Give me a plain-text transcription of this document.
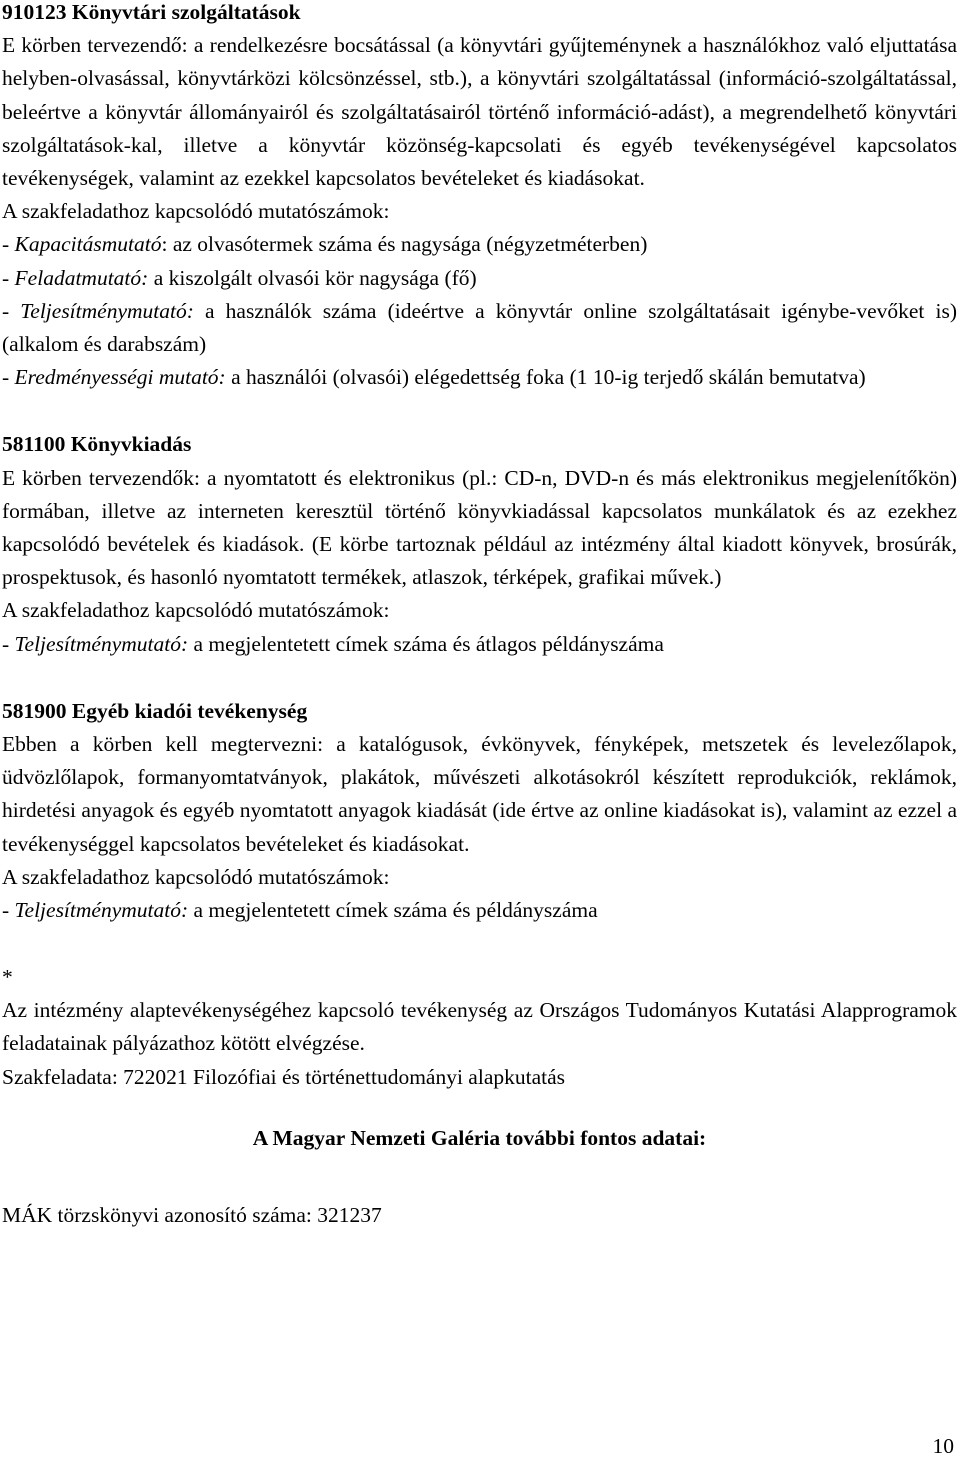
910123 Könyvtári szolgáltatások

E körben tervezendő: a rendelkezésre bocsátással (a könyvtári gyűjteménynek a használókhoz való eljuttatása helyben-olvasással, könyvtárközi kölcsönzéssel, stb.), a könyvtári szolgáltatással (információ-szolgáltatással, beleértve a könyvtár állományairól és szolgáltatásairól történő információ-adást), a megrendelhető könyvtári szolgáltatások-kal, illetve a könyvtár közönség-kapcsolati és egyéb tevékenységével kapcsolatos tevékenységek, valamint az ezekkel kapcsolatos bevételeket és kiadásokat.

A szakfeladathoz kapcsolódó mutatószámok:

- Kapacitásmutató: az olvasótermek száma és nagysága (négyzetméterben)

- Feladatmutató: a kiszolgált olvasói kör nagysága (fő)

- Teljesítménymutató: a használók száma (ideértve a könyvtár online szolgáltatásait igénybe-vevőket is) (alkalom és darabszám)

- Eredményességi mutató: a használói (olvasói) elégedettség foka (1 10-ig terjedő skálán bemutatva)

581100 Könyvkiadás

E körben tervezendők: a nyomtatott és elektronikus (pl.: CD-n, DVD-n és más elektronikus megjelenítőkön) formában, illetve az interneten keresztül történő könyvkiadással kapcsolatos munkálatok és az ezekhez kapcsolódó bevételek és kiadások. (E körbe tartoznak például az intézmény által kiadott könyvek, brosúrák, prospektusok, és hasonló nyomtatott termékek, atlaszok, térképek, grafikai művek.)

A szakfeladathoz kapcsolódó mutatószámok:

- Teljesítménymutató: a megjelentetett címek száma és átlagos példányszáma

581900 Egyéb kiadói tevékenység

Ebben a körben kell megtervezni: a katalógusok, évkönyvek, fényképek, metszetek és levelezőlapok, üdvözlőlapok, formanyomtatványok, plakátok, művészeti alkotásokról készített reprodukciók, reklámok, hirdetési anyagok és egyéb nyomtatott anyagok kiadását (ide értve az online kiadásokat is), valamint az ezzel a tevékenységgel kapcsolatos bevételeket és kiadásokat.

A szakfeladathoz kapcsolódó mutatószámok:

- Teljesítménymutató: a megjelentetett címek száma és példányszáma

*

Az intézmény alaptevékenységéhez kapcsoló tevékenység az Országos Tudományos Kutatási Alapprogramok feladatainak pályázathoz kötött elvégzése.

Szakfeladata: 722021 Filozófiai és történettudományi alapkutatás

A Magyar Nemzeti Galéria további fontos adatai:

MÁK törzskönyvi azonosító száma: 321237

10
